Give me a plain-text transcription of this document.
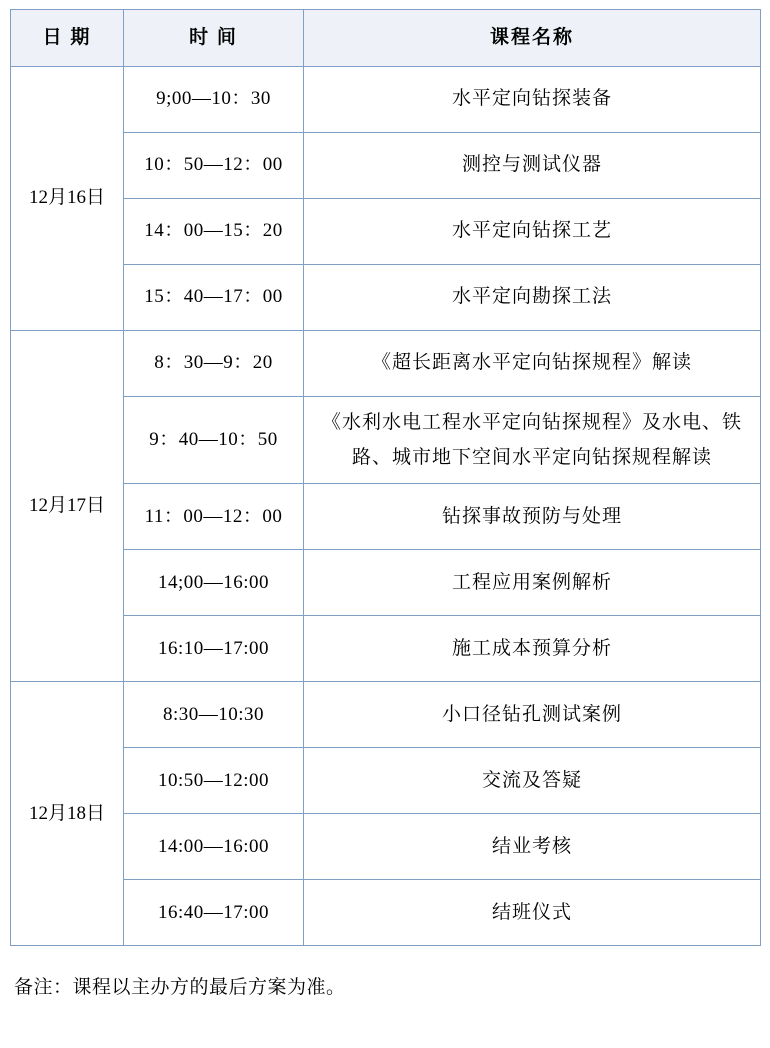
日 期	时 间	课程名称
12月16日	9;00—10：30	水平定向钻探装备
	10：50—12：00	测控与测试仪器
	14：00—15：20	水平定向钻探工艺
	15：40—17：00	水平定向勘探工法
12月17日	8：30—9：20	《超长距离水平定向钻探规程》解读
	9：40—10：50	《水利水电工程水平定向钻探规程》及水电、铁路、城市地下空间水平定向钻探规程解读
	11：00—12：00	钻探事故预防与处理
	14;00—16:00	工程应用案例解析
	16:10—17:00	施工成本预算分析
12月18日	8:30—10:30	小口径钻孔测试案例
	10:50—12:00	交流及答疑
	14:00—16:00	结业考核
	16:40—17:00	结班仪式
备注：课程以主办方的最后方案为准。
